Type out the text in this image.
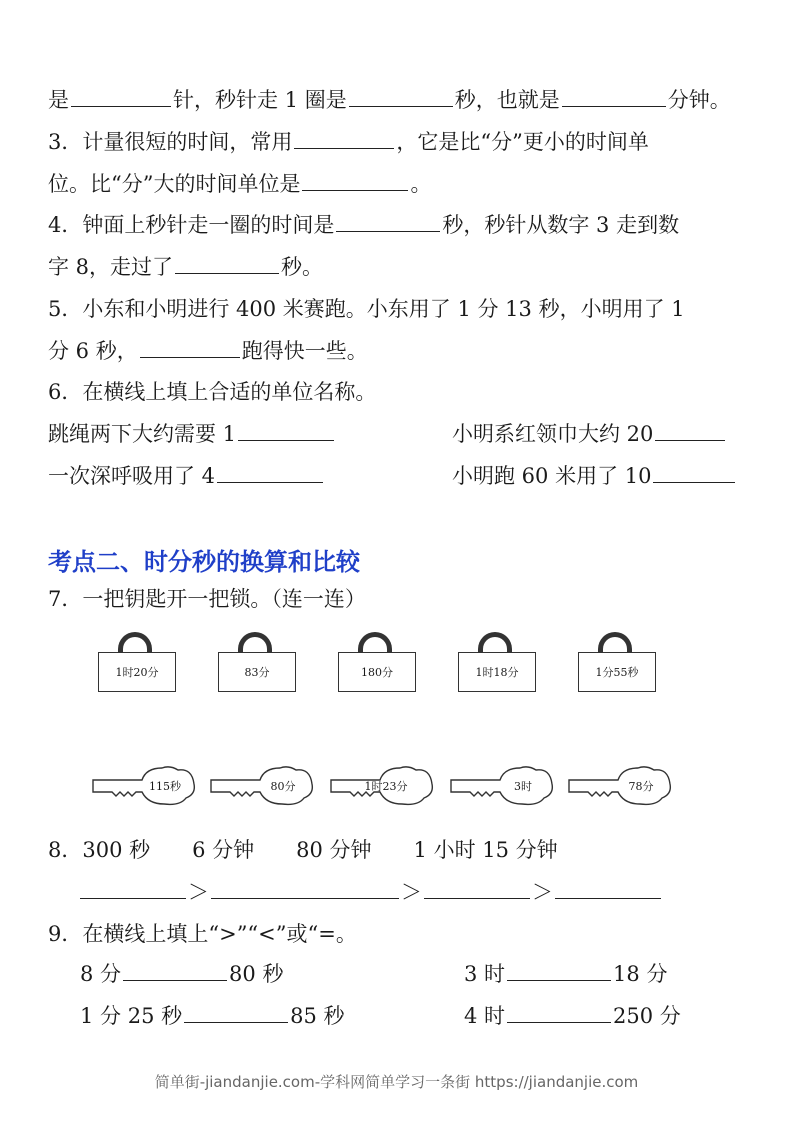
是	针，秒针走 1 圈是	秒，也就是	分钟。
3．计量很短的时间，常用	，它是比“分”更小的时间单
位。比“分”大的时间单位是	。
4．钟面上秒针走一圈的时间是	秒，秒针从数字 3 走到数
字 8，走过了	秒。
5．小东和小明进行 400 米赛跑。小东用了 1 分 13 秒，小明用了 1
分 6 秒，	跑得快一些。
6．在横线上填上合适的单位名称。
跳绳两下大约需要 1	小明系红领巾大约 20
一次深呼吸用了 4	小明跑 60 米用了 10
考点二、时分秒的换算和比较
7．一把钥匙开一把锁。（连一连）
1时20分	83分	180分	1时18分	1分55秒
115秒	80分	1时23分	3时	78分
8．300 秒　　6 分钟　　80 分钟　　1 小时 15 分钟
＞	＞	＞
9．在横线上填上“>”“<”或“=。
8 分	80 秒	3 时	18 分
1 分 25 秒	85 秒	4 时	250 分
简单街-jiandanjie.com-学科网简单学习一条街 https://jiandanjie.com
